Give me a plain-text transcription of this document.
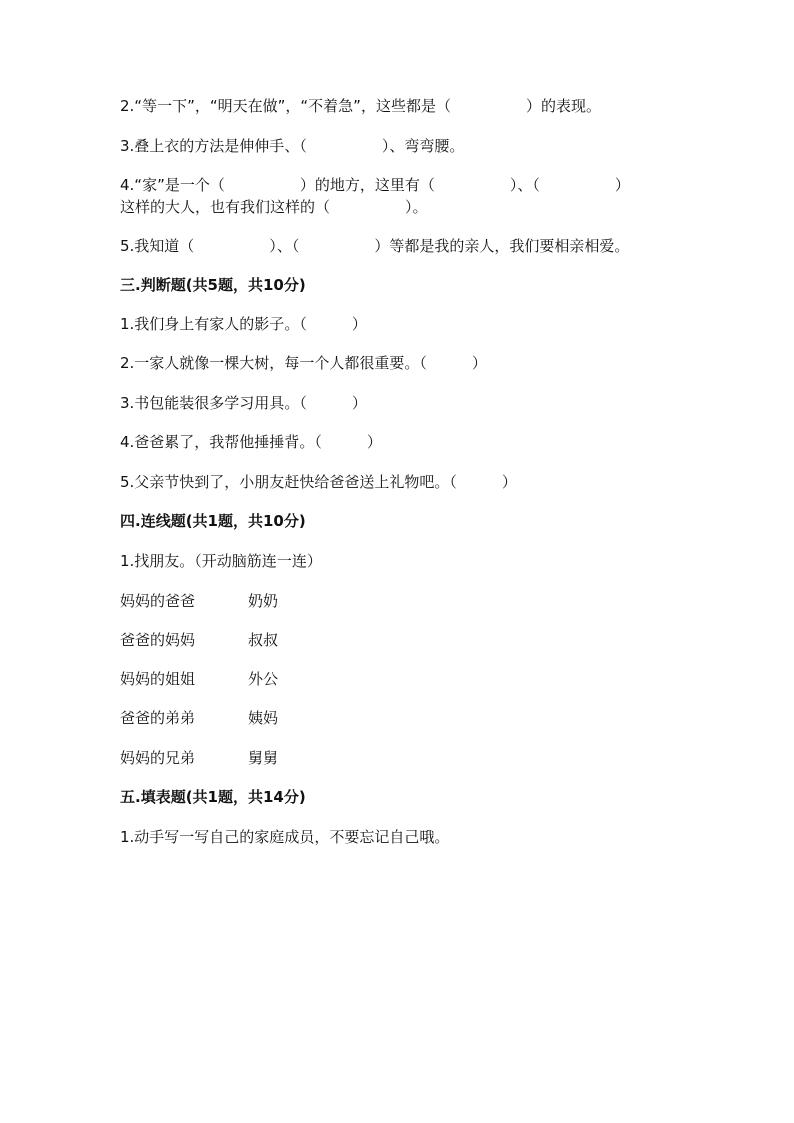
2.“等一下”，“明天在做”，“不着急”，这些都是（　　　　　）的表现。
3.叠上衣的方法是伸伸手、（　　　　　）、弯弯腰。
4.“家”是一个（　　　　　）的地方，这里有（　　　　　）、（　　　　　）
这样的大人，也有我们这样的（　　　　　）。
5.我知道（　　　　　）、（　　　　　）等都是我的亲人，我们要相亲相爱。
三.判断题(共5题，共10分)
1.我们身上有家人的影子。（　　　）
2.一家人就像一棵大树，每一个人都很重要。（　　　）
3.书包能装很多学习用具。（　　　）
4.爸爸累了，我帮他捶捶背。（　　　）
5.父亲节快到了，小朋友赶快给爸爸送上礼物吧。（　　　）
四.连线题(共1题，共10分)
1.找朋友。（开动脑筋连一连）
妈妈的爸爸	奶奶
爸爸的妈妈	叔叔
妈妈的姐姐	外公
爸爸的弟弟	姨妈
妈妈的兄弟	舅舅
五.填表题(共1题，共14分)
1.动手写一写自己的家庭成员，不要忘记自己哦。
